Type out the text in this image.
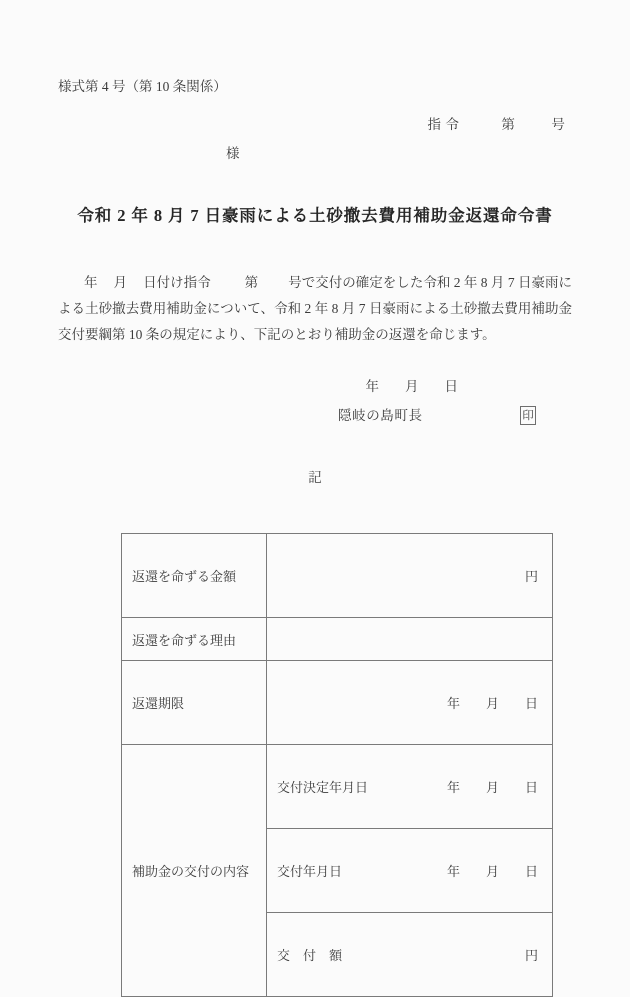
様式第 4 号（第 10 条関係）

指 令	第	号

様
令和 2 年 8 月 7 日豪雨による土砂撤去費用補助金返還命令書
年 月 日付け指令	第 号で交付の確定をした令和 2 年 8 月 7 日豪雨による土砂撤去費用補助金について、令和 2 年 8 月 7 日豪雨による土砂撤去費用補助金交付要綱第 10 条の規定により、下記のとおり補助金の返還を命じます。

年 月 日

隠岐の島町長	印
記
返還を命ずる金額	円

返還を命ずる理由	
返還期限	年 月 日

補助金の交付の内容	交付決定年月日 年 月 日

	交付年月日 年 月 日

	交　付　額 円
